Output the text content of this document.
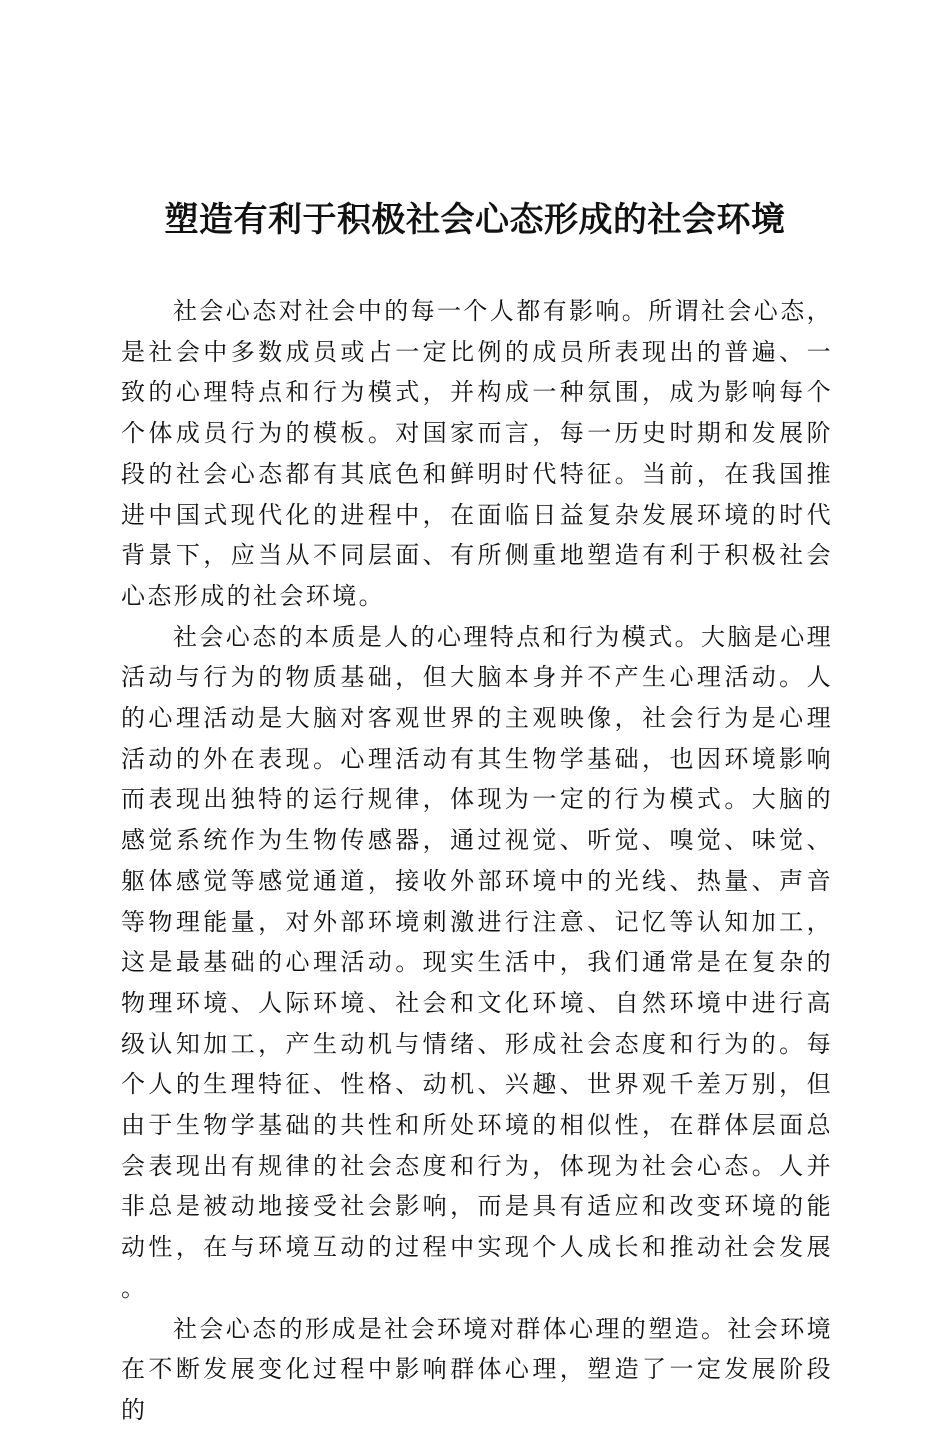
塑造有利于积极社会心态形成的社会环境

社会心态对社会中的每一个人都有影响。所谓社会心态，是社会中多数成员或占一定比例的成员所表现出的普遍、一致的心理特点和行为模式，并构成一种氛围，成为影响每个个体成员行为的模板。对国家而言，每一历史时期和发展阶段的社会心态都有其底色和鲜明时代特征。当前，在我国推进中国式现代化的进程中，在面临日益复杂发展环境的时代背景下，应当从不同层面、有所侧重地塑造有利于积极社会心态形成的社会环境。

社会心态的本质是人的心理特点和行为模式。大脑是心理活动与行为的物质基础，但大脑本身并不产生心理活动。人的心理活动是大脑对客观世界的主观映像，社会行为是心理活动的外在表现。心理活动有其生物学基础，也因环境影响而表现出独特的运行规律，体现为一定的行为模式。大脑的感觉系统作为生物传感器，通过视觉、听觉、嗅觉、味觉、躯体感觉等感觉通道，接收外部环境中的光线、热量、声音等物理能量，对外部环境刺激进行注意、记忆等认知加工，这是最基础的心理活动。现实生活中，我们通常是在复杂的物理环境、人际环境、社会和文化环境、自然环境中进行高级认知加工，产生动机与情绪、形成社会态度和行为的。每个人的生理特征、性格、动机、兴趣、世界观千差万别，但由于生物学基础的共性和所处环境的相似性，在群体层面总会表现出有规律的社会态度和行为，体现为社会心态。人并非总是被动地接受社会影响，而是具有适应和改变环境的能动性，在与环境互动的过程中实现个人成长和推动社会发展。

社会心态的形成是社会环境对群体心理的塑造。社会环境在不断发展变化过程中影响群体心理，塑造了一定发展阶段的
